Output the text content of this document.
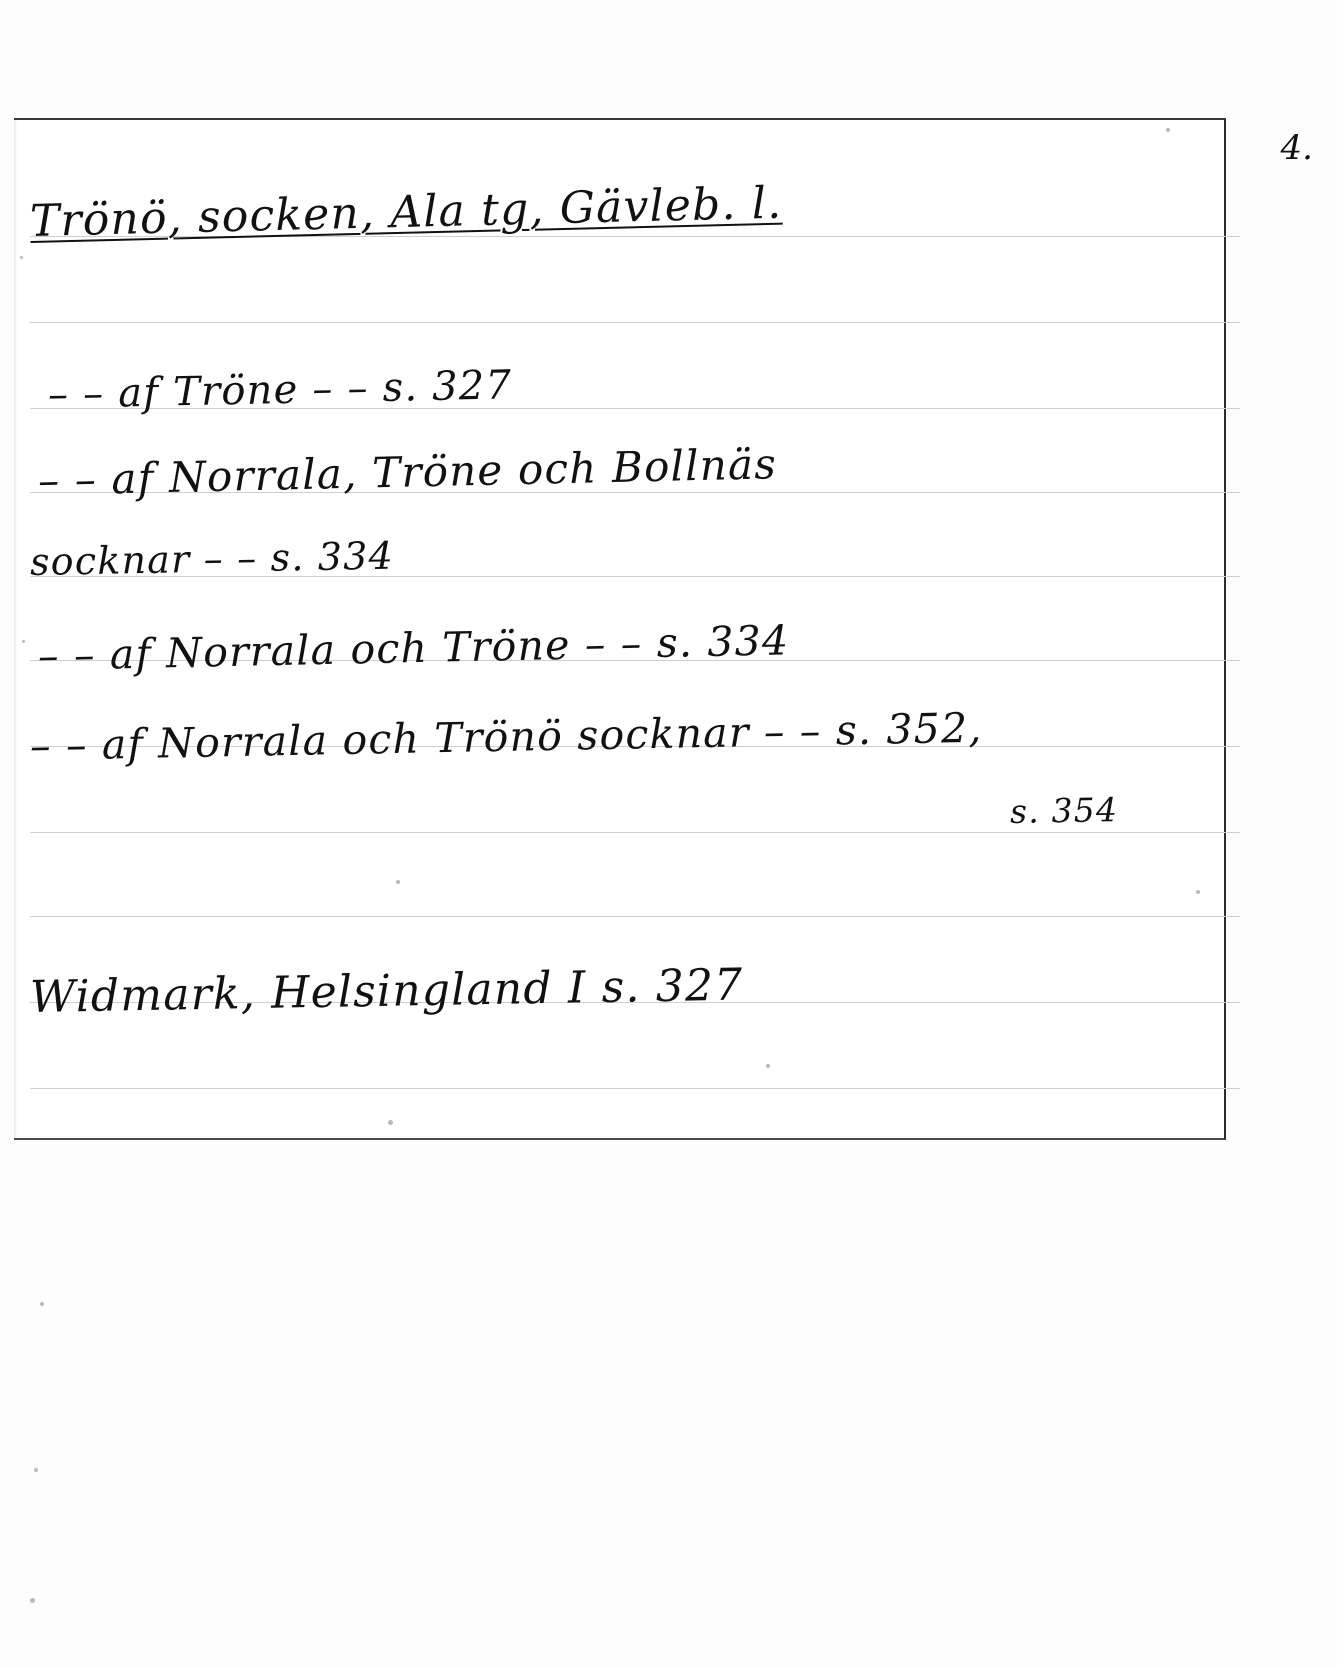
4.
Trönö, socken, Ala tg, Gävleb. l.
– – af Tröne – – s. 327
– – af Norrala, Tröne och Bollnäs
socknar – – s. 334
– – af Norrala och Tröne – – s. 334
– – af Norrala och Trönö socknar – – s. 352,
s. 354
Widmark, Helsingland I s. 327
